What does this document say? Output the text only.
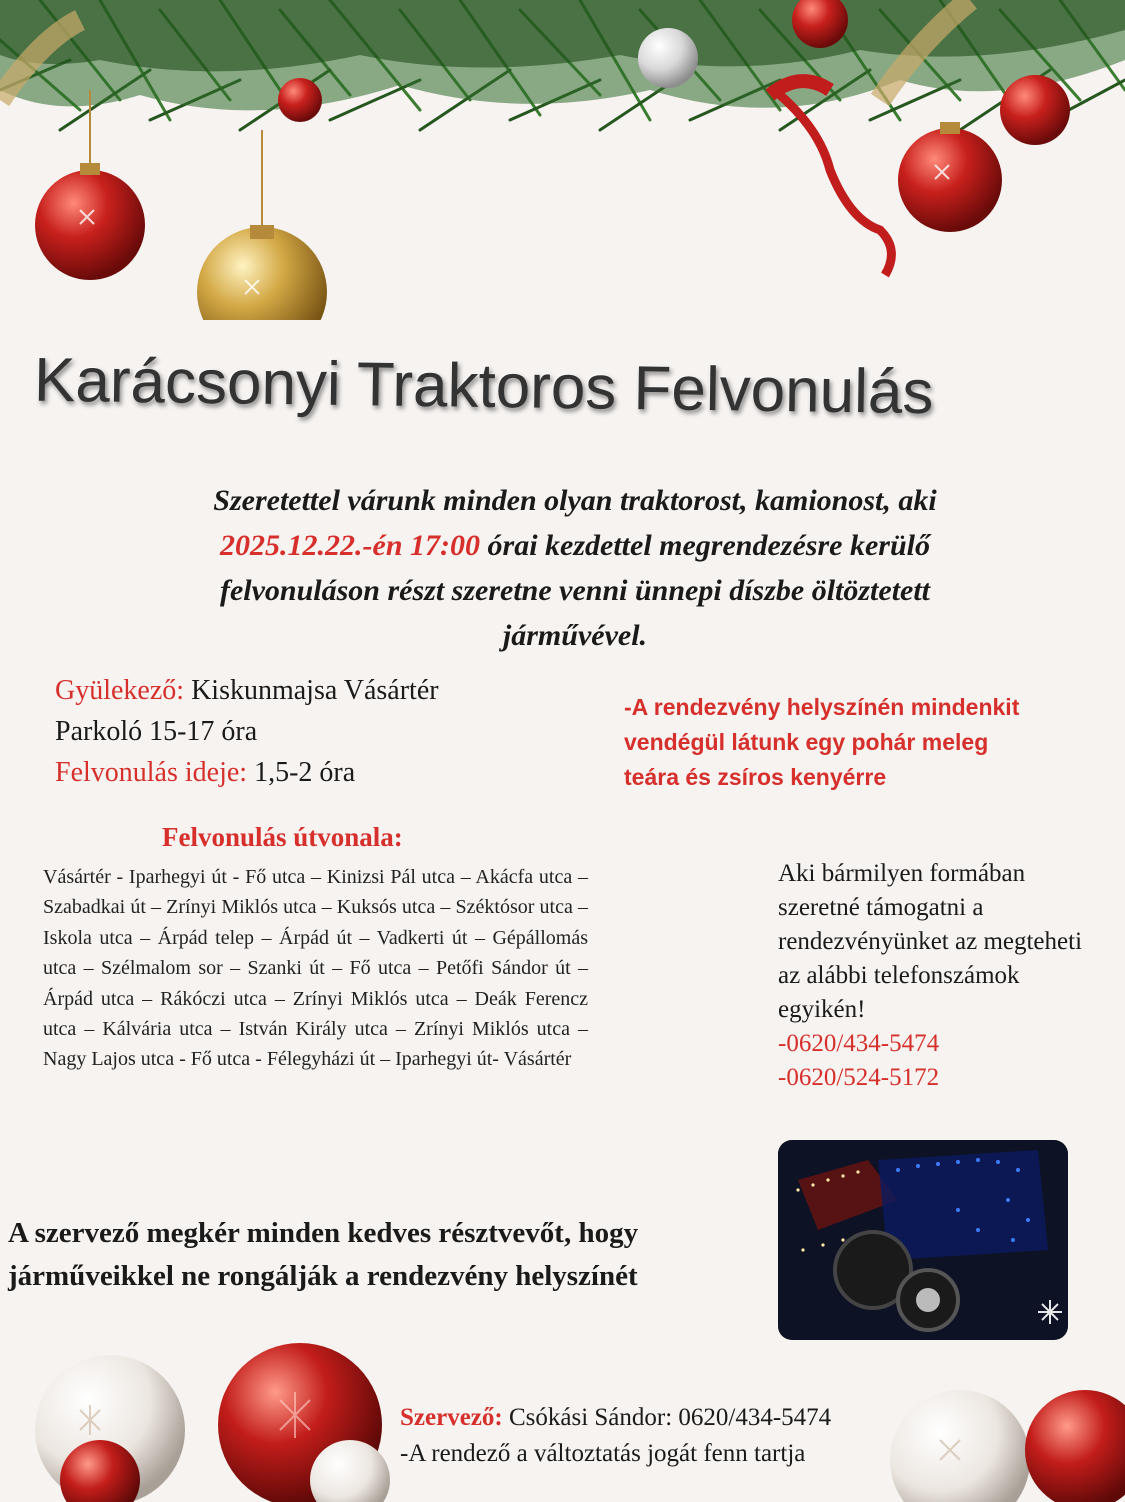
Karácsonyi Traktoros Felvonulás
Szeretettel várunk minden olyan traktorost, kamionost, aki
2025.12.22.-én 17:00 órai kezdettel megrendezésre kerülő
felvonuláson részt szeretne venni ünnepi díszbe öltöztetett
járművével.
Gyülekező: Kiskunmajsa Vásártér
Parkoló 15-17 óra
Felvonulás ideje: 1,5-2 óra
Felvonulás útvonala:
Vásártér - Iparhegyi út - Fő utca – Kinizsi Pál utca – Akácfa utca – Szabadkai út – Zrínyi Miklós utca – Kuksós utca – Széktósor utca – Iskola utca – Árpád telep – Árpád út – Vadkerti út – Gépállomás utca – Szélmalom sor – Szanki út – Fő utca – Petőfi Sándor út – Árpád utca – Rákóczi utca – Zrínyi Miklós utca – Deák Ferencz utca – Kálvária utca – István Király utca – Zrínyi Miklós utca – Nagy Lajos utca - Fő utca - Félegyházi út – Iparhegyi út- Vásártér
-A rendezvény helyszínén mindenkit vendégül látunk egy pohár meleg teára és zsíros kenyérre
Aki bármilyen formában szeretné támogatni a rendezvényünket az megteheti az alábbi telefonszámok egyikén!
-0620/434-5474
-0620/524-5172
A szervező megkér minden kedves résztvevőt, hogy
járműveikkel ne rongálják a rendezvény helyszínét
Szervező: Csókási Sándor: 0620/434-5474
-A rendező a változtatás jogát fenn tartja
